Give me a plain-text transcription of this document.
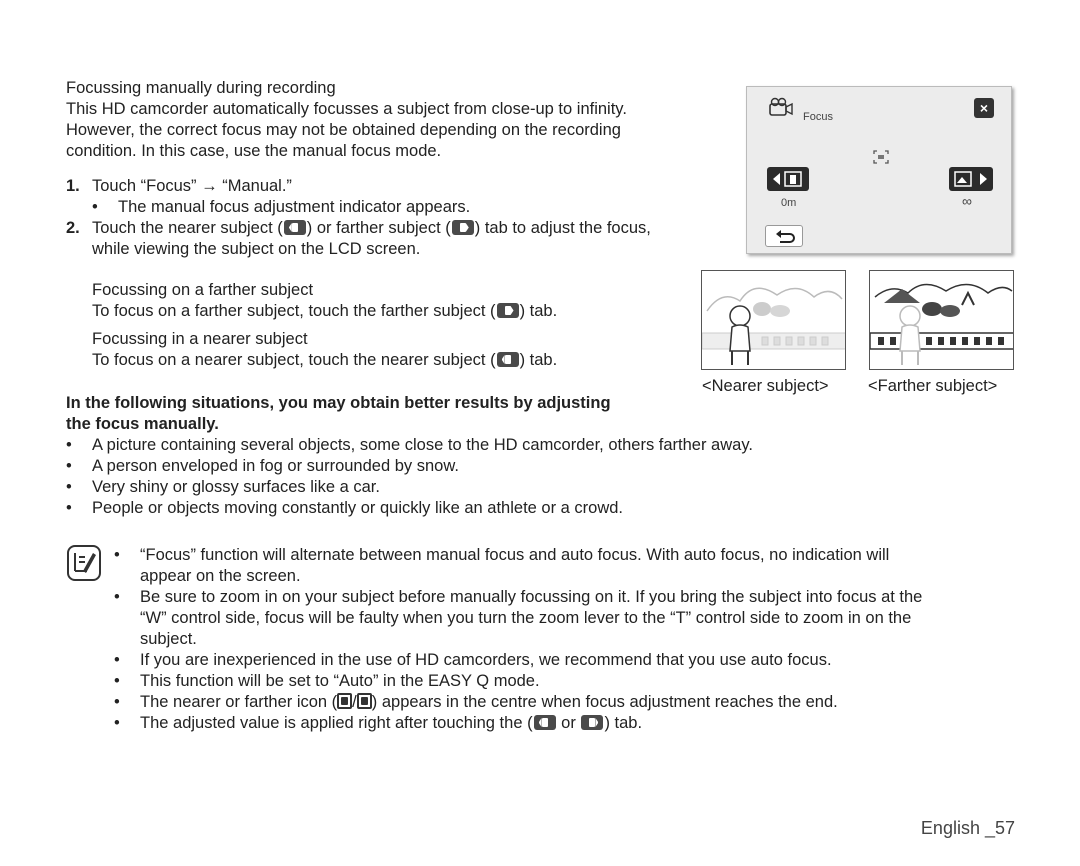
Focussing manually during recording
This HD camcorder automatically focusses a subject from close-up to infinity.
However, the correct focus may not be obtained depending on the recording
condition. In this case, use the manual focus mode.
1. Touch “Focus” → “Manual.”
•	The manual focus adjustment indicator appears.
2. Touch the nearer subject ( ) or farther subject ( ) tab to adjust the focus,
while viewing the subject on the LCD screen.
Focussing on a farther subject
To focus on a farther subject, touch the farther subject ( ) tab.
Focussing in a nearer subject
To focus on a nearer subject, touch the nearer subject ( ) tab.
Focus
×
0m	∞
<Nearer subject> <Farther subject>
In the following situations, you may obtain better results by adjusting
the focus manually.
•	A picture containing several objects, some close to the HD camcorder, others farther away.
•	A person enveloped in fog or surrounded by snow.
•	Very shiny or glossy surfaces like a car.
•	People or objects moving constantly or quickly like an athlete or a crowd.
•	“Focus” function will alternate between manual focus and auto focus. With auto focus, no indication will
appear on the screen.
•	Be sure to zoom in on your subject before manually focussing on it. If you bring the subject into focus at the
“W” control side, focus will be faulty when you turn the zoom lever to the “T” control side to zoom in on the
subject.
•	If you are inexperienced in the use of HD camcorders, we recommend that you use auto focus.
•	This function will be set to “Auto” in the EASY Q mode.
•	The nearer or farther icon ( / ) appears in the centre when focus adjustment reaches the end.
•	The adjusted value is applied right after touching the ( or ) tab.
English _57
